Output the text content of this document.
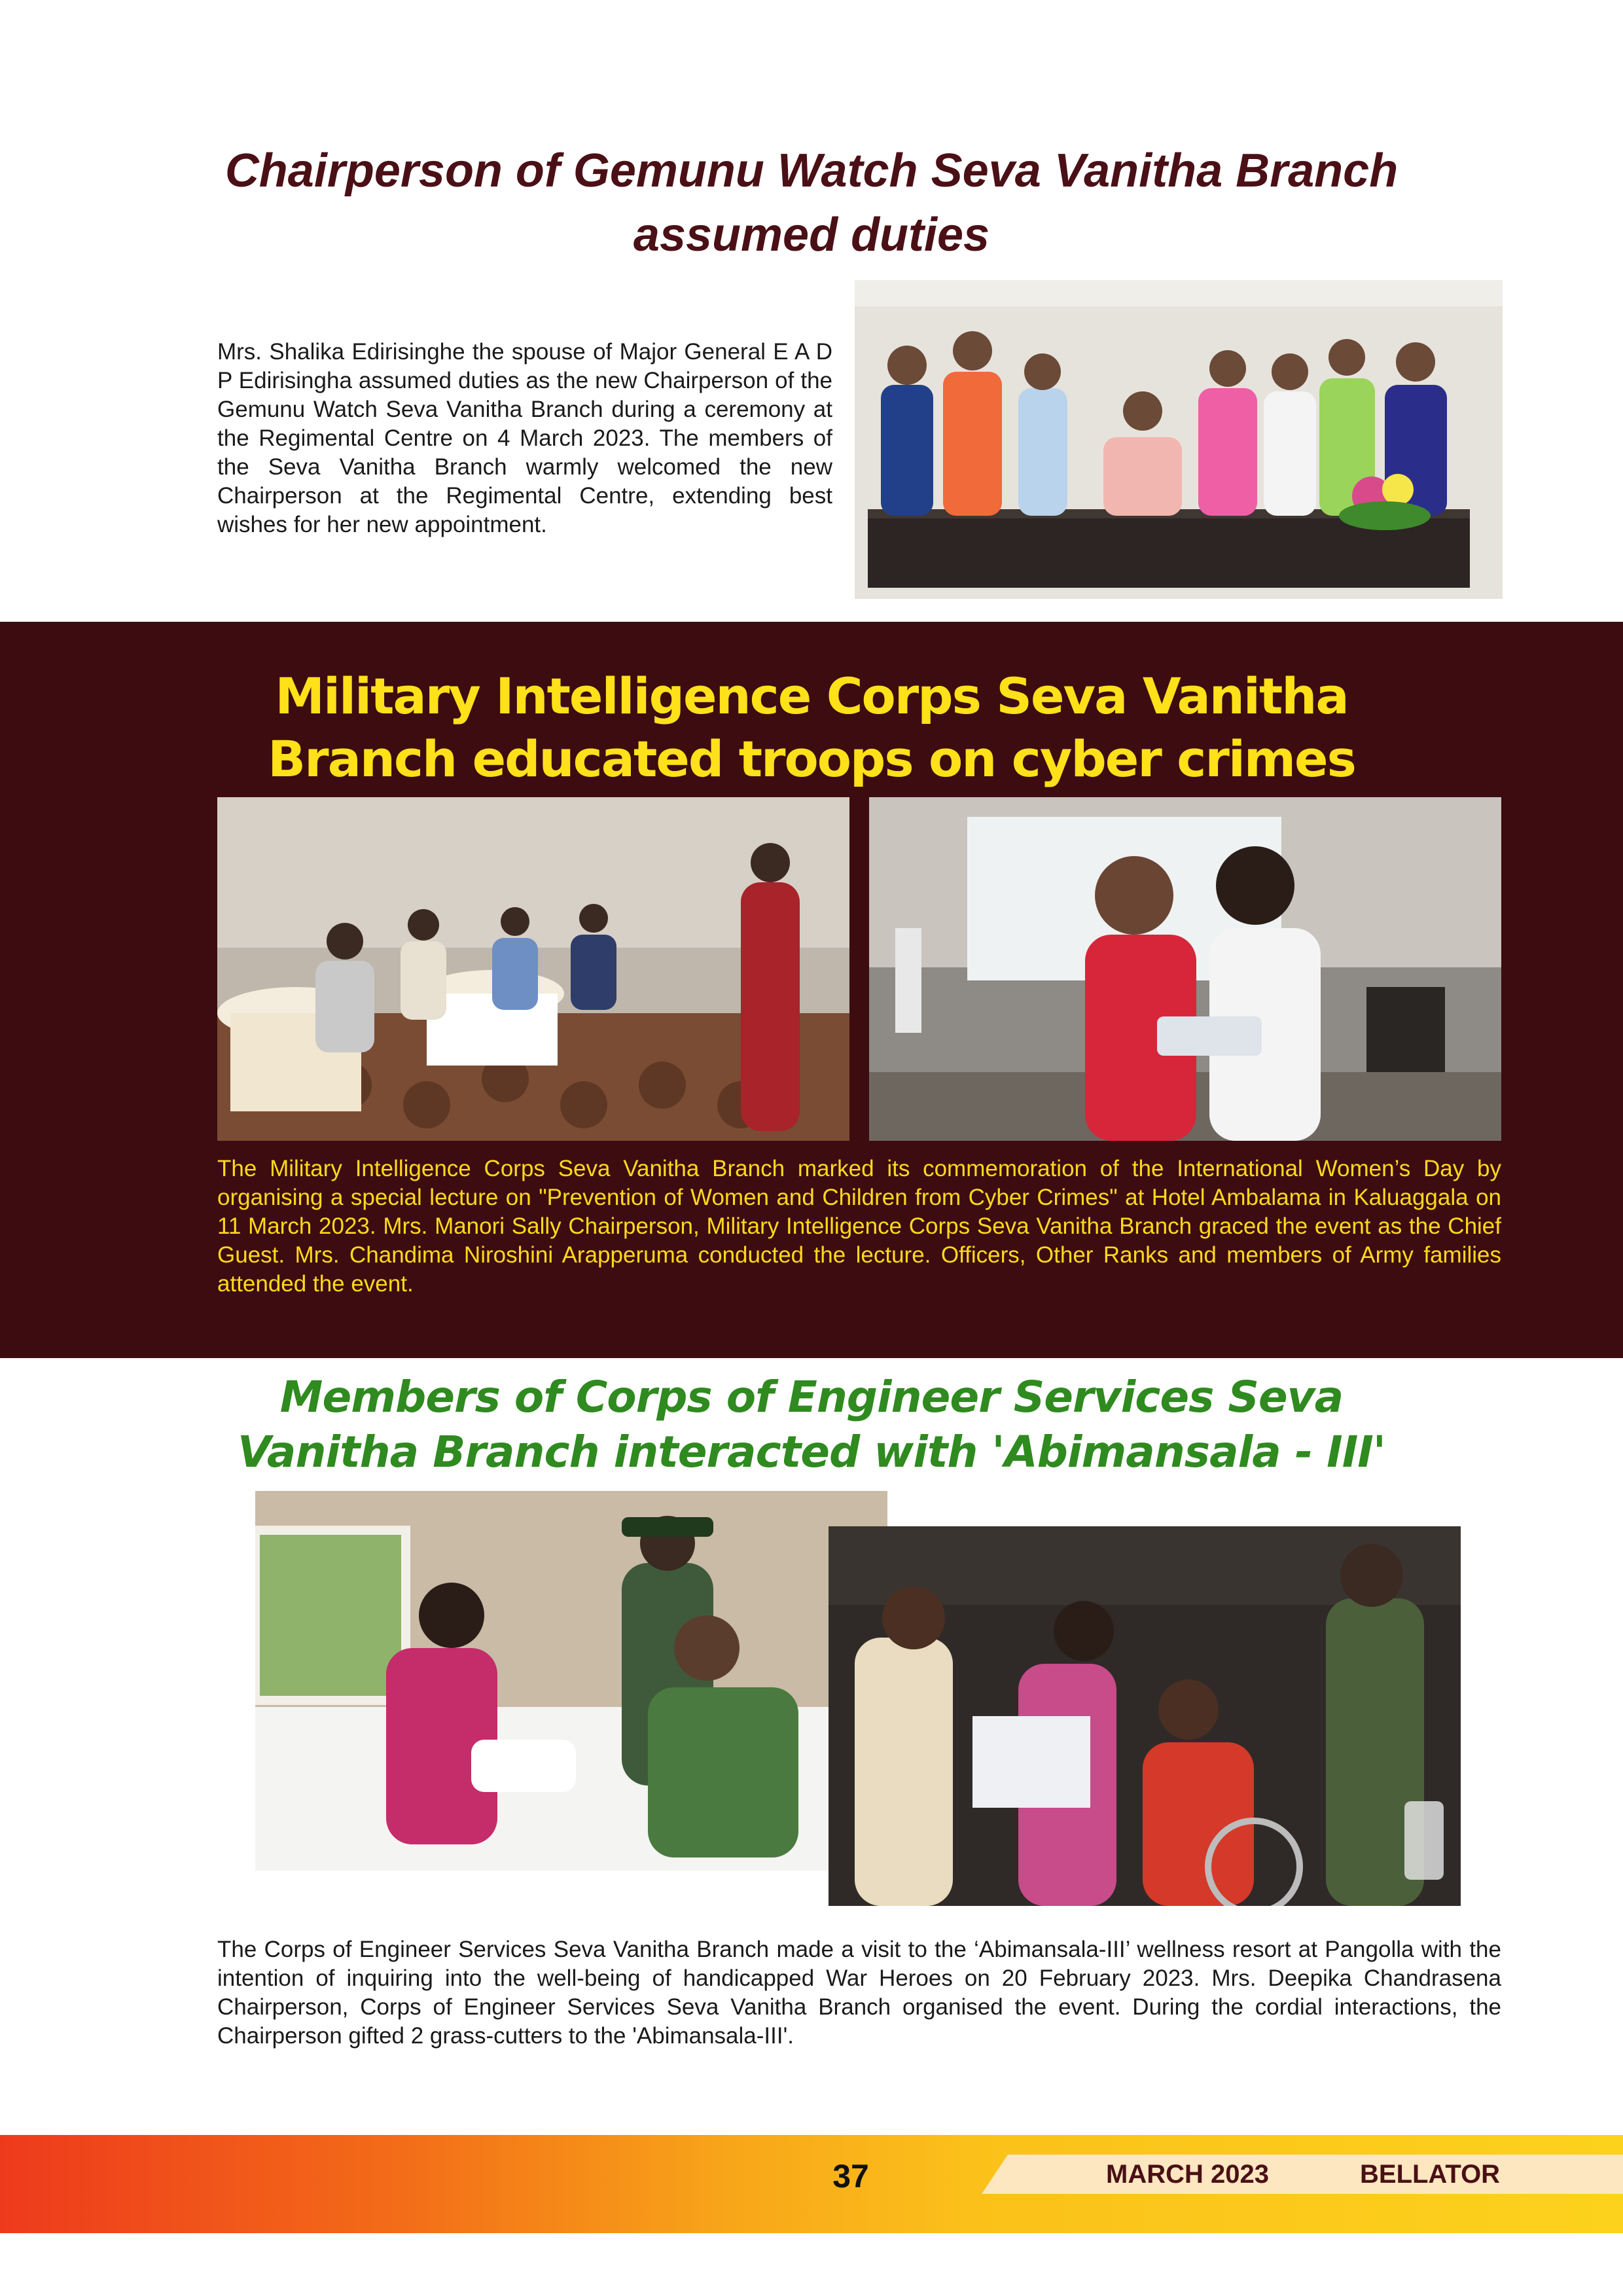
Chairperson of Gemunu Watch Seva Vanitha Branch assumed duties

Mrs. Shalika Edirisinghe the spouse of Major General E A D P Edirisingha assumed duties as the new Chairperson of the Gemunu Watch Seva Vanitha Branch during a ceremony at the Regimental Centre on 4 March 2023. The members of the Seva Vanitha Branch warmly welcomed the new Chairperson at the Regimental Centre, extending best wishes for her new appointment.

Military Intelligence Corps Seva Vanitha Branch educated troops on cyber crimes

The Military Intelligence Corps Seva Vanitha Branch marked its commemoration of the International Women’s Day by organising a special lecture on "Prevention of Women and Children from Cyber Crimes" at Hotel Ambalama in Kaluaggala on 11 March 2023. Mrs. Manori Sally Chairperson, Military Intelligence Corps Seva Vanitha Branch graced the event as the Chief Guest. Mrs. Chandima Niroshini Arapperuma conducted the lecture. Officers, Other Ranks and members of Army families attended the event.

Members of Corps of Engineer Services Seva Vanitha Branch interacted with 'Abimansala - III'

The Corps of Engineer Services Seva Vanitha Branch made a visit to the ‘Abimansala-III’ wellness resort at Pangolla with the intention of inquiring into the well-being of handicapped War Heroes on 20 February 2023. Mrs. Deepika Chandrasena Chairperson, Corps of Engineer Services Seva Vanitha Branch organised the event. During the cordial interactions, the Chairperson gifted 2 grass-cutters to the 'Abimansala-III'.

37	MARCH 2023	BELLATOR
